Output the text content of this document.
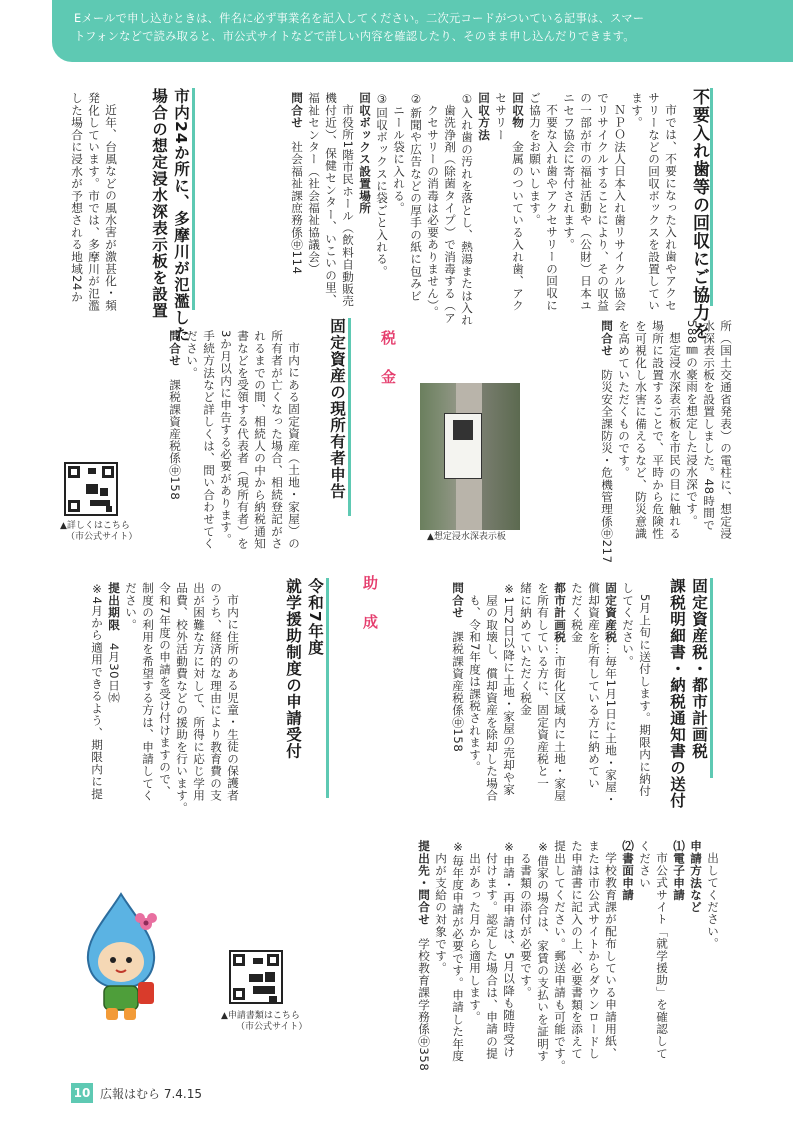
Eメールで申し込むときは、件名に必ず事業名を記入してください。二次元コードがついている記事は、スマー
トフォンなどで読み取ると、市公式サイトなどで詳しい内容を確認したり、そのまま申し込んだりできます。
不要入れ歯等の回収にご協力を

市では、不要になった入れ歯やアクセ
サリーなどの回収ボックスを設置してい
ます。

ＮＰＯ法人日本入れ歯リサイクル協会
でリサイクルすることにより、その収益
の一部が市の福祉活動や（公財）日本ユ
ニセフ協会に寄付されます。

不要な入れ歯やアクセサリーの回収に
ご協力をお願いします。

回収物　金属のついている入れ歯、アク
セサリー

回収方法

①入れ歯の汚れを落とし、熱湯または入れ
　歯洗浄剤（除菌タイプ）で消毒する（ア
　クセサリーの消毒は必要ありません）。

②新聞や広告などの厚手の紙に包みビ
　ニール袋に入れる。

③回収ボックスに袋ごと入れる。

回収ボックス設置場所

市役所1階市民ホール（飲料自動販売
機付近）、保健センター、いこいの里、
福祉センター（社会福祉協議会）

問合せ　社会福祉課庶務係㊥114

市内24か所に、多摩川が氾濫した
場合の想定浸水深表示板を設置

近年、台風などの風水害が激甚化・頻
発化しています。市では、多摩川が氾濫
した場合に浸水が予想される地域24か

所（国土交通省発表）の電柱に、想定浸
水深表示板を設置しました。48時間で
588㎜の豪雨を想定した浸水深です。

想定浸水深表示板を市民の目に触れる
場所に設置することで、平時から危険性
を可視化し水害に備えるなど、防災意識
を高めていただくものです。

問合せ　防災安全課防災・危機管理係㊥217

▲想定浸水深表示板
税金
固定資産の現所有者申告

市内にある固定資産（土地・家屋）の
所有者が亡くなった場合、相続登記がさ
れるまでの間、相続人の中から納税通知
書などを受領する代表者（現所有者）を
3か月以内に申告する必要があります。
手続方法など詳しくは、問い合わせてく
ださい。

問合せ　課税課資産税係㊥158

▲詳しくはこちら
（市公式サイト）
固定資産税・都市計画税
課税明細書・納税通知書の送付

5月上旬に送付します。期限内に納付
してください。

固定資産税…毎年1月1日に土地・家屋・
償却資産を所有している方に納めてい
ただく税金

都市計画税…市街化区域内に土地・家屋
を所有している方に、固定資産税と一
緒に納めていただく税金

※1月2日以降に土地・家屋の売却や家
　屋の取壊し、償却資産を除却した場合
　も、令和7年度は課税されます。

問合せ　課税課資産税係㊥158

助成
令和7年度
就学援助制度の申請受付

市内に住所のある児童・生徒の保護者
のうち、経済的な理由により教育費の支
出が困難な方に対して、所得に応じ学用
品費、校外活動費などの援助を行います。
令和7年度の申請を受け付けますので、
制度の利用を希望する方は、申請してく
ださい。

提出期限　4月30日㈬

※4月から適用できるよう、期限内に提

出してください。

申請方法など

⑴電子申請

市公式サイト「就学援助」を確認して
ください

⑵書面申請

学校教育課が配布している申請用紙、
または市公式サイトからダウンロードし
た申請書に記入の上、必要書類を添えて
提出してください。郵送申請も可能です。

※借家の場合は、家賃の支払いを証明す
　る書類の添付が必要です。

※申請・再申請は、5月以降も随時受け
　付けます。認定した場合は、申請の提
　出があった月から適用します。

※毎年度申請が必要です。申請した年度
　内が支給の対象です。

提出先・問合せ　学校教育課学務係㊥358

▲申請書類はこちら
（市公式サイト）
10 広報はむら 7.4.15
